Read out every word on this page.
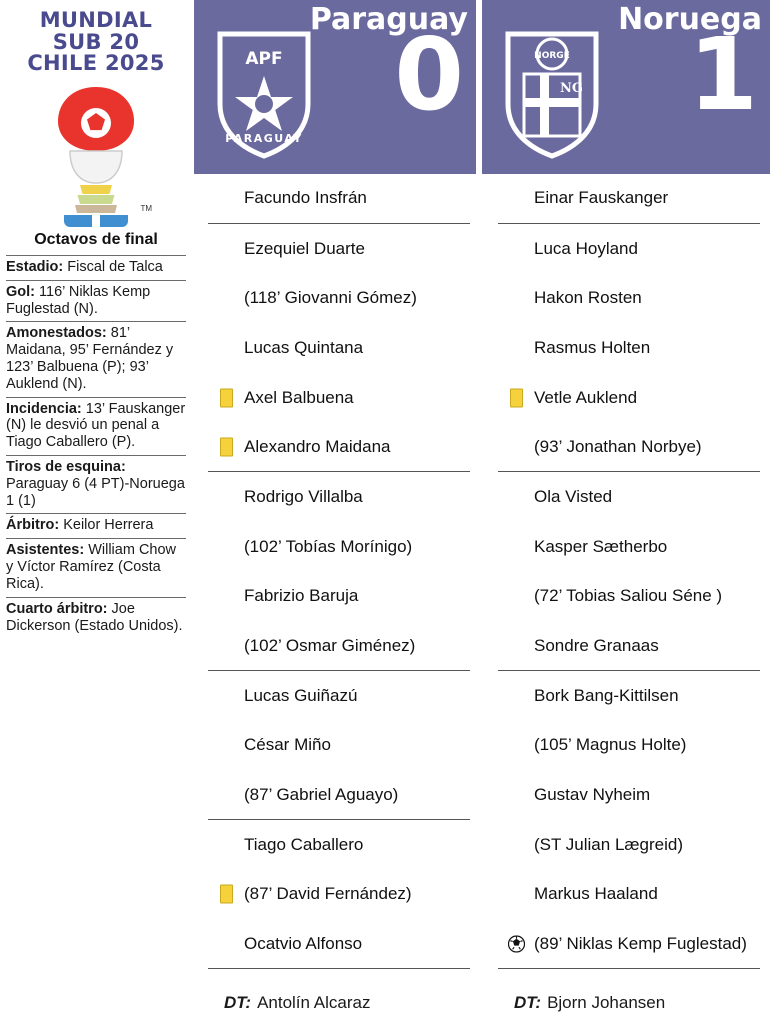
MUNDIAL
SUB 20
CHILE 2025
TM
Octavos de final
Estadio: Fiscal de Talca
Gol: 116’ Niklas Kemp Fuglestad (N).
Amonestados: 81’ Maidana, 95’ Fernández y 123’ Balbuena (P); 93’ Auklend (N).
Incidencia: 13’ Fauskanger (N) le desvió un penal a Tiago Caballero (P).
Tiros de esquina: Paraguay 6 (4 PT)-Noruega 1 (1)
Árbitro: Keilor Herrera
Asistentes: William Chow y Víctor Ramírez (Costa Rica).
Cuarto árbitro: Joe Dickerson (Estado Unidos).
Paraguay
APF
PARAGUAY
0
Facundo Insfrán
Ezequiel Duarte
(118’ Giovanni Gómez)
Lucas Quintana
Axel Balbuena
Alexandro Maidana
Rodrigo Villalba
(102’ Tobías Morínigo)
Fabrizio Baruja
(102’ Osmar Giménez)
Lucas Guiñazú
César Miño
(87’ Gabriel Aguayo)
Tiago Caballero
(87’ David Fernández)
Ocatvio Alfonso
DT: Antolín Alcaraz
Noruega
NORGE
NG 1
Einar Fauskanger
Luca Hoyland
Hakon Rosten
Rasmus Holten
Vetle Auklend
(93’ Jonathan Norbye)
Ola Visted
Kasper Sætherbo
(72’ Tobias Saliou Séne )
Sondre Granaas
Bork Bang-Kittilsen
(105’ Magnus Holte)
Gustav Nyheim
(ST Julian Lægreid)
Markus Haaland
(89’ Niklas Kemp Fuglestad)
DT: Bjorn Johansen
